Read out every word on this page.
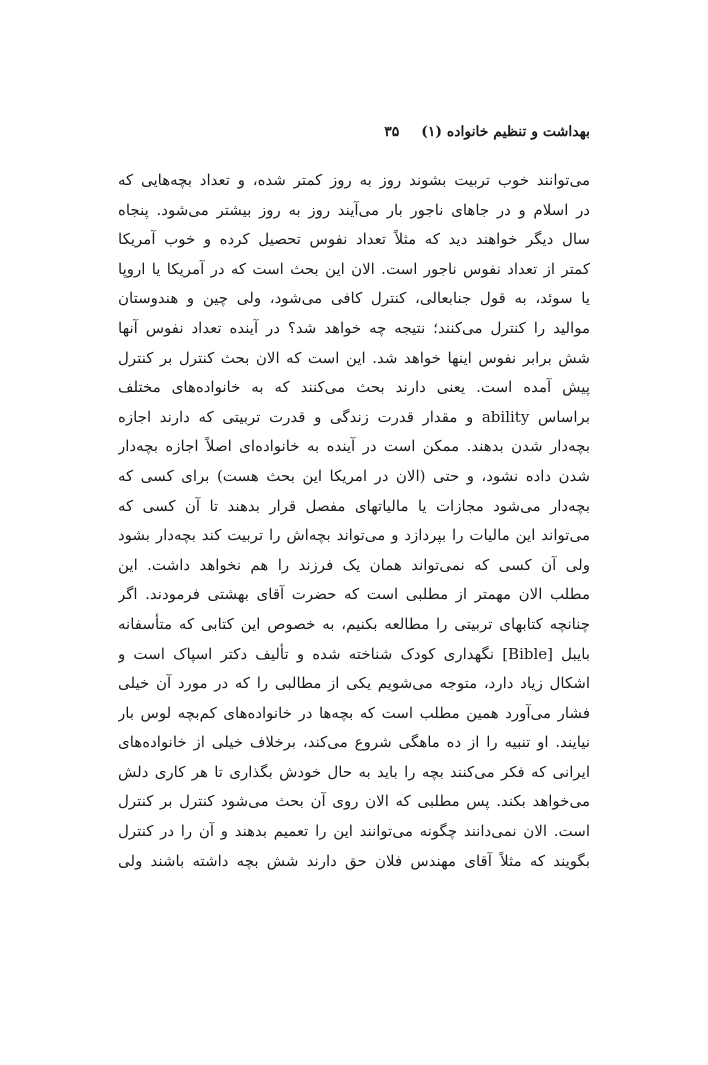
۳۵ بهداشت و تنظیم خانواده (۱)
می‌توانند خوب تربیت بشوند روز به روز کمتر شده، و تعداد بچه‌هایی که
در اسلام و در جاهای ناجور بار می‌آیند روز به روز بیشتر می‌شود. پنجاه
سال دیگر خواهند دید که مثلاً تعداد نفوس تحصیل کرده و خوب آمریکا
کمتر از تعداد نفوس ناجور است. الان این بحث است که در آمریکا یا اروپا
یا سوئد، به قول جنابعالی، کنترل کافی می‌شود، ولی چین و هندوستان
موالید را کنترل می‌کنند؛ نتیجه چه خواهد شد؟ در آینده تعداد نفوس آنها
شش برابر نفوس اینها خواهد شد. این است که الان بحث کنترل بر کنترل
پیش آمده است. یعنی دارند بحث می‌کنند که به خانواده‌های مختلف
براساس ability و مقدار قدرت زندگی و قدرت تربیتی که دارند اجازه
بچه‌دار شدن بدهند. ممکن است در آینده به خانواده‌ای اصلاً اجازه بچه‌دار
شدن داده نشود، و حتی (الان در امریکا این بحث هست) برای کسی که
بچه‌دار می‌شود مجازات یا مالیاتهای مفصل قرار بدهند تا آن کسی که
می‌تواند این مالیات را بپردازد و می‌تواند بچه‌اش را تربیت کند بچه‌دار بشود
ولی آن کسی که نمی‌تواند همان یک فرزند را هم نخواهد داشت. این
مطلب الان مهمتر از مطلبی است که حضرت آقای بهشتی فرمودند. اگر
چنانچه کتابهای تربیتی را مطالعه بکنیم، به خصوص این کتابی که متأسفانه
بایبل [Bible] نگهداری کودک شناخته شده و تألیف دکتر اسپاک است و
اشکال زیاد دارد، متوجه می‌شویم یکی از مطالبی را که در مورد آن خیلی
فشار می‌آورد همین مطلب است که بچه‌ها در خانواده‌های کم‌بچه لوس بار
نیایند. او تنبیه را از ده ماهگی شروع می‌کند، برخلاف خیلی از خانواده‌های
ایرانی که فکر می‌کنند بچه را باید به حال خودش بگذاری تا هر کاری دلش
می‌خواهد بکند. پس مطلبی که الان روی آن بحث می‌شود کنترل بر کنترل
است. الان نمی‌دانند چگونه می‌توانند این را تعمیم بدهند و آن را در کنترل
بگویند که مثلاً آقای مهندس فلان حق دارند شش بچه داشته باشند ولی
